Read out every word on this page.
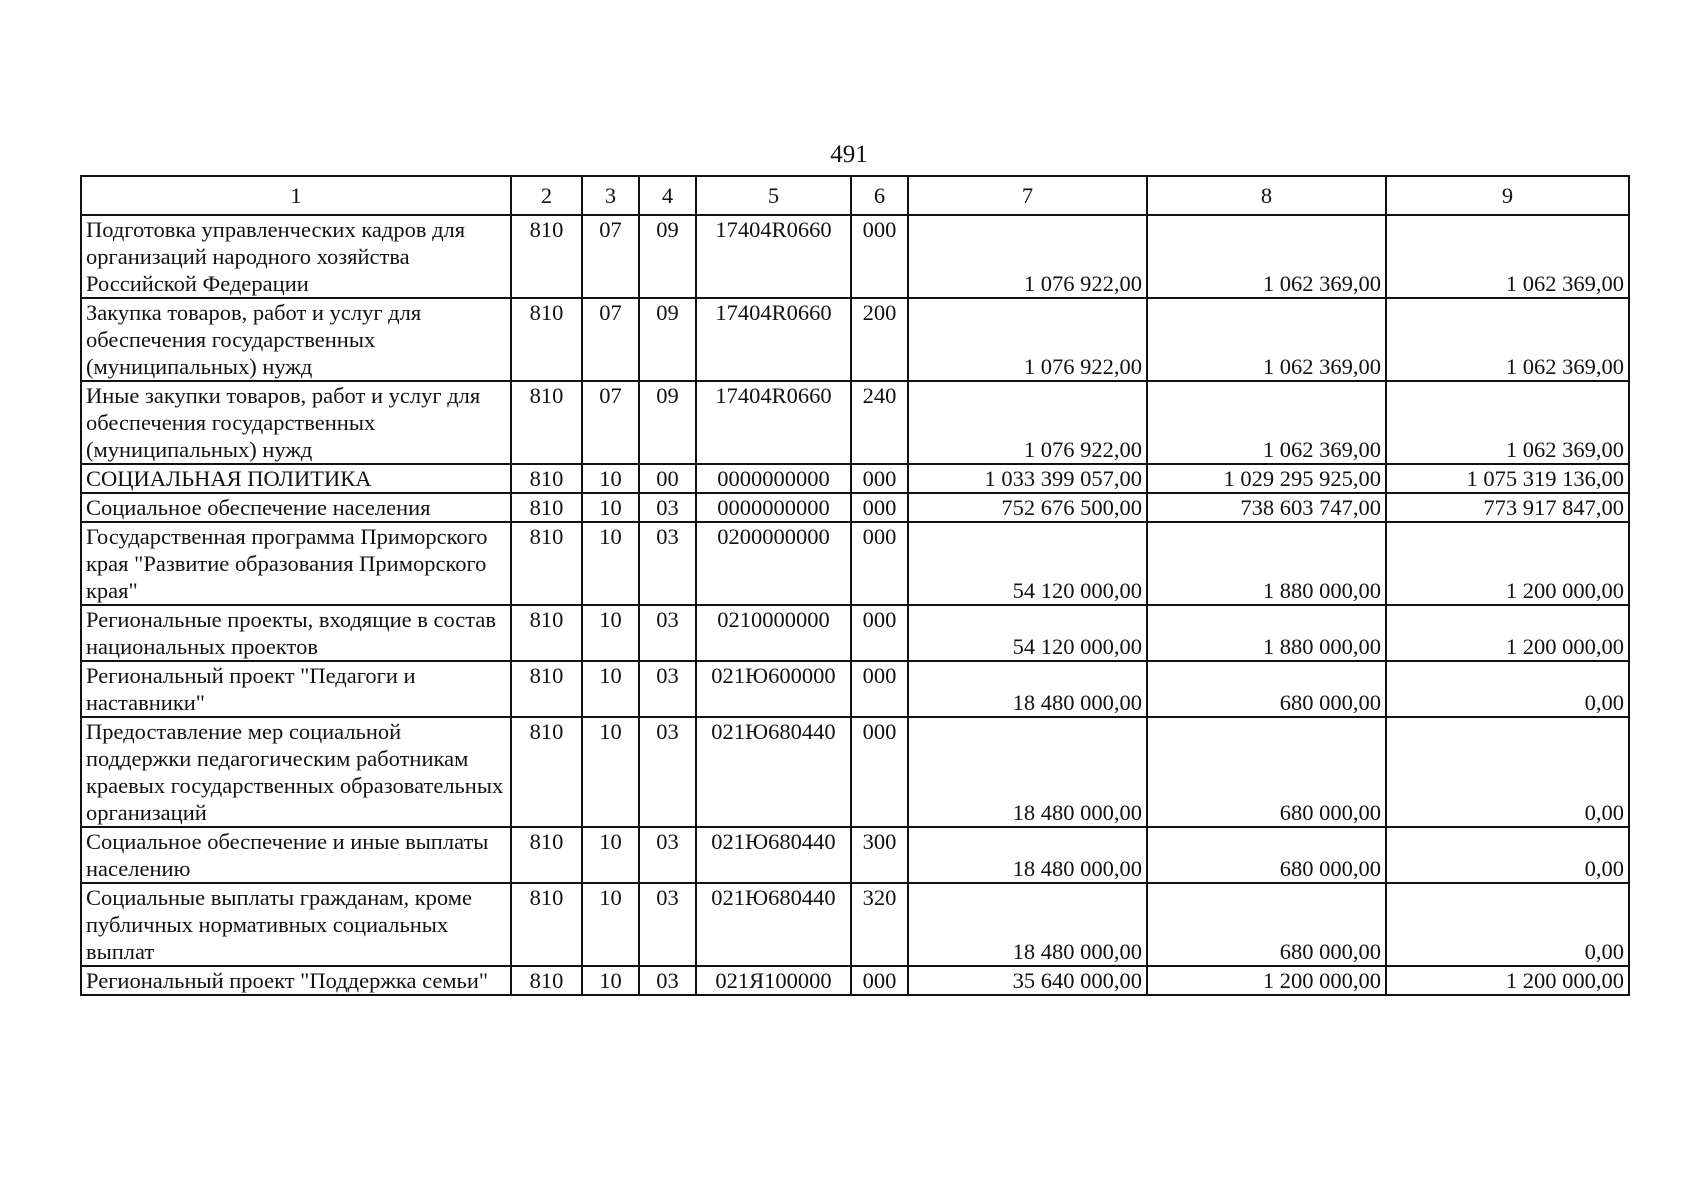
491
1	2	3	4	5	6	7	8	9
Подготовка управленческих кадров для организаций народного хозяйства Российской Федерации	810	07	09	17404R0660	000	1 076 922,00	1 062 369,00	1 062 369,00
Закупка товаров, работ и услуг для обеспечения государственных (муниципальных) нужд	810	07	09	17404R0660	200	1 076 922,00	1 062 369,00	1 062 369,00
Иные закупки товаров, работ и услуг для обеспечения государственных (муниципальных) нужд	810	07	09	17404R0660	240	1 076 922,00	1 062 369,00	1 062 369,00
СОЦИАЛЬНАЯ ПОЛИТИКА	810	10	00	0000000000	000	1 033 399 057,00	1 029 295 925,00	1 075 319 136,00
Социальное обеспечение населения	810	10	03	0000000000	000	752 676 500,00	738 603 747,00	773 917 847,00
Государственная программа Приморского края "Развитие образования Приморского края"	810	10	03	0200000000	000	54 120 000,00	1 880 000,00	1 200 000,00
Региональные проекты, входящие в состав национальных проектов	810	10	03	0210000000	000	54 120 000,00	1 880 000,00	1 200 000,00
Региональный проект "Педагоги и наставники"	810	10	03	021Ю600000	000	18 480 000,00	680 000,00	0,00
Предоставление мер социальной поддержки педагогическим работникам краевых государственных образовательных организаций	810	10	03	021Ю680440	000	18 480 000,00	680 000,00	0,00
Социальное обеспечение и иные выплаты населению	810	10	03	021Ю680440	300	18 480 000,00	680 000,00	0,00
Социальные выплаты гражданам, кроме публичных нормативных социальных выплат	810	10	03	021Ю680440	320	18 480 000,00	680 000,00	0,00
Региональный проект "Поддержка семьи"	810	10	03	021Я100000	000	35 640 000,00	1 200 000,00	1 200 000,00
